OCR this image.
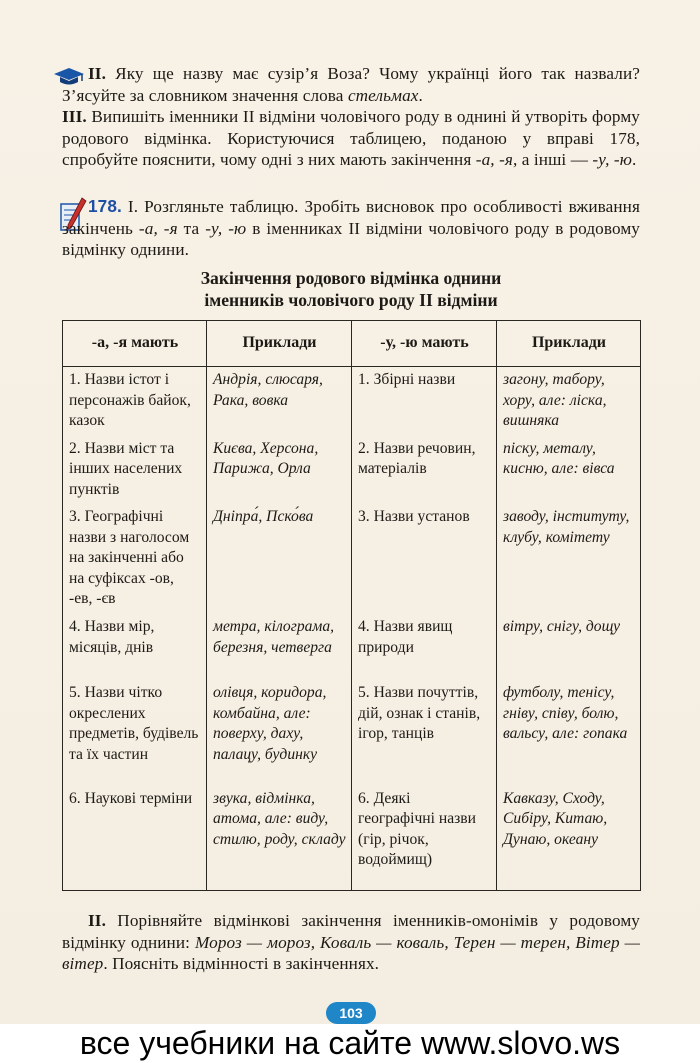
II. Яку ще назву має сузір’я Воза? Чому українці його так назвали? З’ясуйте за словником значення слова стельмах.
III. Випишіть іменники II відміни чоловічого роду в однині й утворіть форму родового відмінка. Користуючися таблицею, поданою у вправі 178, спробуйте пояснити, чому одні з них мають закінчення -а, -я, а інші — -у, -ю.
178. I. Розгляньте таблицю. Зробіть висновок про особливості вживання закінчень -а, -я та -у, -ю в іменниках II відміни чоловічого роду в родовому відмінку однини.
Закінчення родового відмінка однини
іменників чоловічого роду II відміни
-а, -я мають	Приклади	-у, -ю мають	Приклади
1. Назви істот і персонажів байок, казок	Андрія, слюсаря, Рака, вовка	1. Збірні назви	загону, табору, хору, але: ліска, вишняка
2. Назви міст та інших населених пунктів	Києва, Херсона, Парижа, Орла	2. Назви речовин, матеріалів	піску, металу, кисню, але: вівса
3. Географічні назви з наголосом на закінченні або на суфіксах -ов, -ев, -єв	Дніпра́, Пско́ва	3. Назви установ	заводу, інституту, клубу, комітету
4. Назви мір, місяців, днів	метра, кілограма, березня, четверга	4. Назви явищ природи	вітру, снігу, дощу
5. Назви чітко окреслених предметів, будівель та їх частин	олівця, коридора, комбайна, але: поверху, даху, палацу, будинку	5. Назви почуттів, дій, ознак і станів, ігор, танців	футболу, тенісу, гніву, співу, болю, вальсу, але: гопака
6. Наукові терміни	звука, відмінка, атома, але: виду, стилю, роду, складу	6. Деякі географічні назви (гір, річок, водоймищ)	Кавказу, Сходу, Сибіру, Китаю, Дунаю, океану
II. Порівняйте відмінкові закінчення іменників-омонімів у родовому відмінку однини: Мороз — мороз, Коваль — коваль, Терен — терен, Вітер — вітер. Поясніть відмінності в закінченнях.
103
все учебники на сайте www.slovo.ws
